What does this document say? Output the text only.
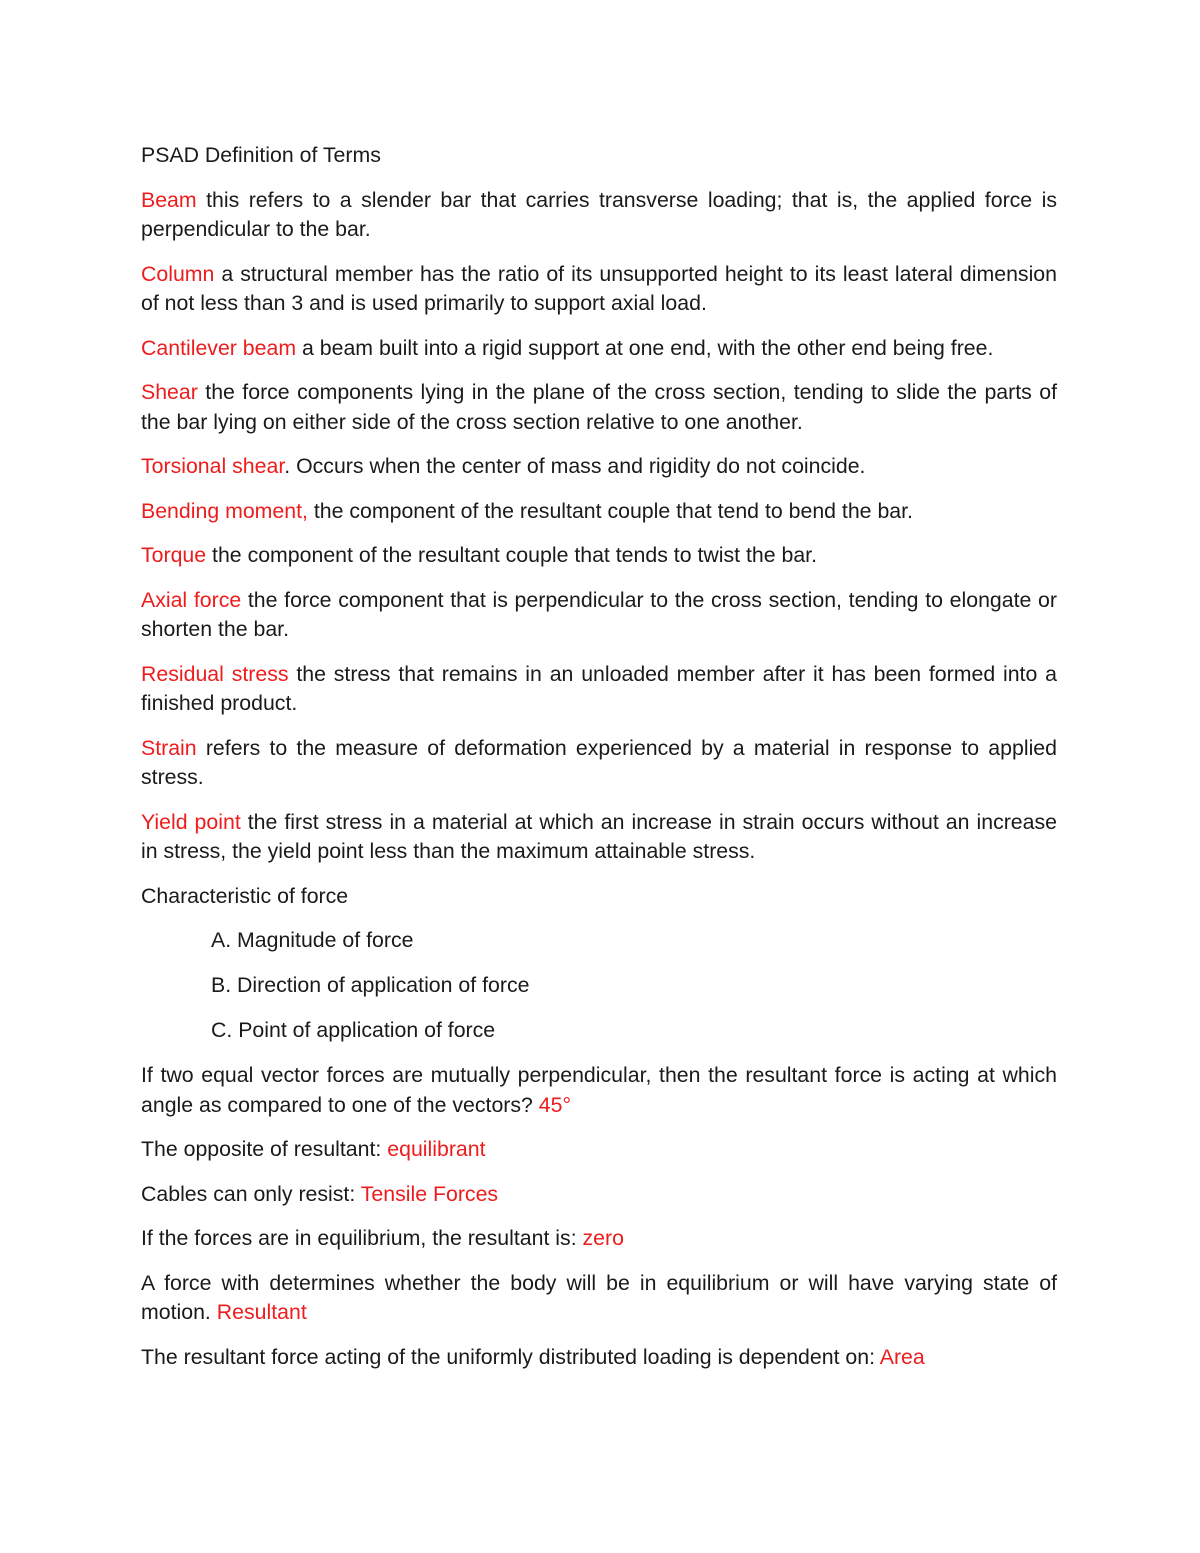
PSAD Definition of Terms

Beam this refers to a slender bar that carries transverse loading; that is, the applied force is perpendicular to the bar.

Column a structural member has the ratio of its unsupported height to its least lateral dimension of not less than 3 and is used primarily to support axial load.

Cantilever beam a beam built into a rigid support at one end, with the other end being free.

Shear the force components lying in the plane of the cross section, tending to slide the parts of the bar lying on either side of the cross section relative to one another.

Torsional shear. Occurs when the center of mass and rigidity do not coincide.

Bending moment, the component of the resultant couple that tend to bend the bar.

Torque the component of the resultant couple that tends to twist the bar.

Axial force the force component that is perpendicular to the cross section, tending to elongate or shorten the bar.

Residual stress the stress that remains in an unloaded member after it has been formed into a finished product.

Strain refers to the measure of deformation experienced by a material in response to applied stress.

Yield point the first stress in a material at which an increase in strain occurs without an increase in stress, the yield point less than the maximum attainable stress.

Characteristic of force

A. Magnitude of force
B. Direction of application of force
C. Point of application of force

If two equal vector forces are mutually perpendicular, then the resultant force is acting at which angle as compared to one of the vectors? 45°

The opposite of resultant: equilibrant

Cables can only resist: Tensile Forces

If the forces are in equilibrium, the resultant is: zero

A force with determines whether the body will be in equilibrium or will have varying state of motion. Resultant

The resultant force acting of the uniformly distributed loading is dependent on: Area
